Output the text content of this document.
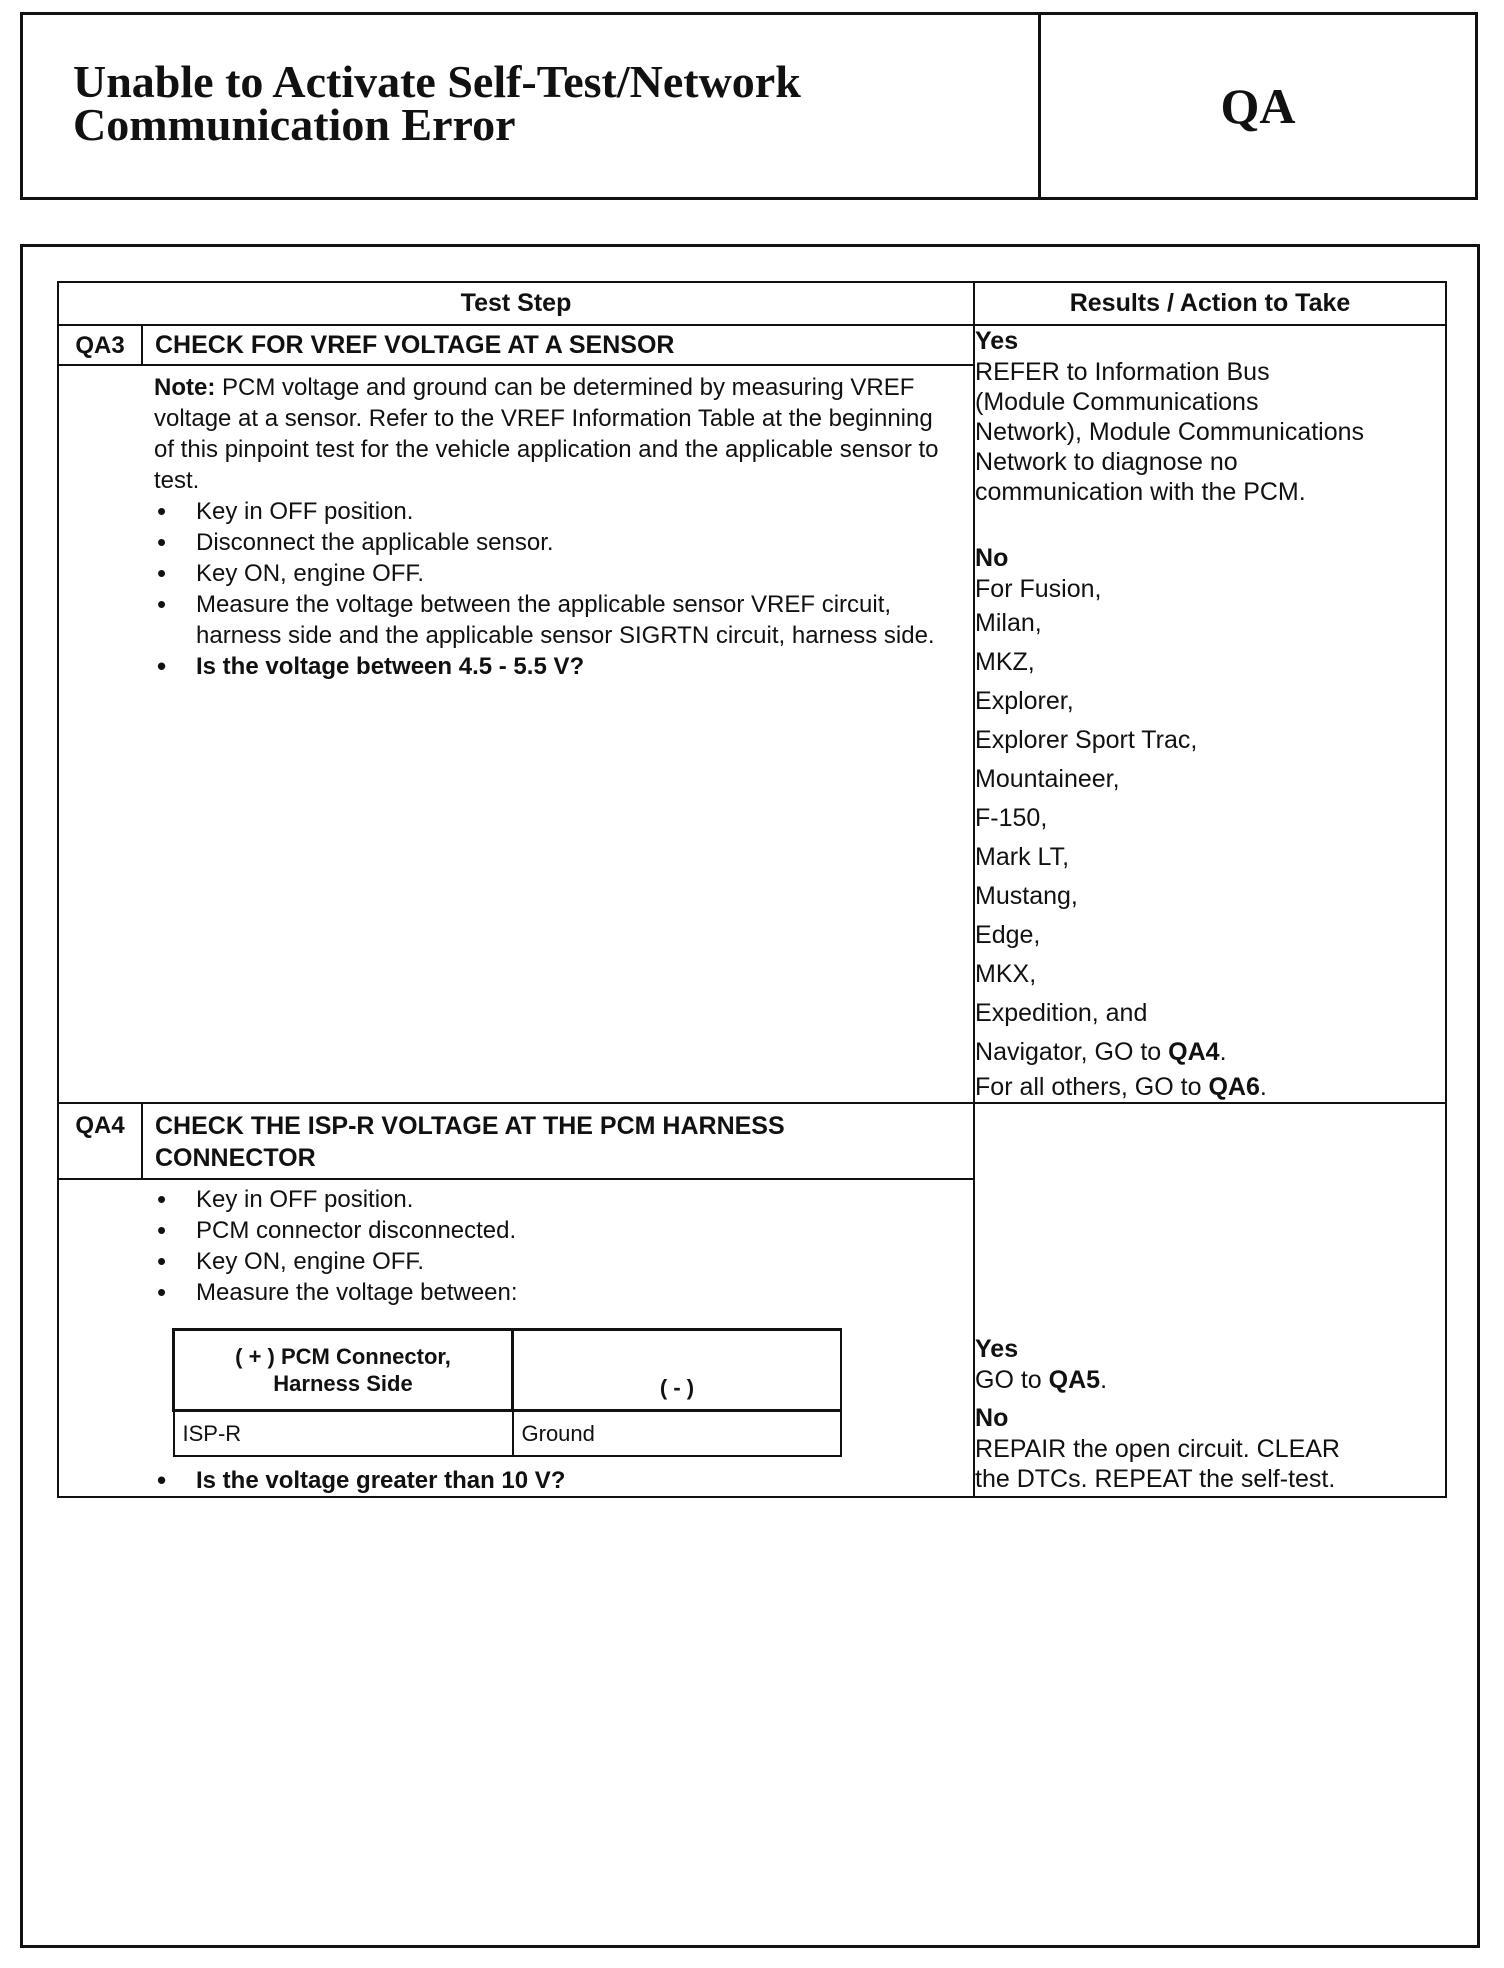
Unable to Activate Self-Test/Network
Communication Error	QA
Test Step	Results / Action to Take
QA3	CHECK FOR VREF VOLTAGE AT A SENSOR	Yes
REFER to Information Bus
(Module Communications
Network), Module Communications
Network to diagnose no
communication with the PCM.
No
For Fusion,
Milan,
MKZ,
Explorer,
Explorer Sport Trac,
Mountaineer,
F-150,
Mark LT,
Mustang,
Edge,
MKX,
Expedition, and
Navigator, GO to QA4.
For all others, GO to QA6.

Note: PCM voltage and ground can be determined by measuring VREF voltage at a sensor. Refer to the VREF Information Table at the beginning of this pinpoint test for the vehicle application and the applicable sensor to test.

• Key in OFF position.
• Disconnect the applicable sensor.
• Key ON, engine OFF.
• Measure the voltage between the applicable sensor VREF circuit, harness side and the applicable sensor SIGRTN circuit, harness side.
• Is the voltage between 4.5 - 5.5 V?

QA4	CHECK THE ISP-R VOLTAGE AT THE PCM HARNESS
CONNECTOR	
Yes
GO to QA5.
No
REPAIR the open circuit. CLEAR
the DTCs. REPEAT the self-test.

• Key in OFF position.
• PCM connector disconnected.
• Key ON, engine OFF.
• Measure the voltage between:
( + ) PCM Connector,
Harness Side	( - )
ISP-R	Ground
• Is the voltage greater than 10 V?
